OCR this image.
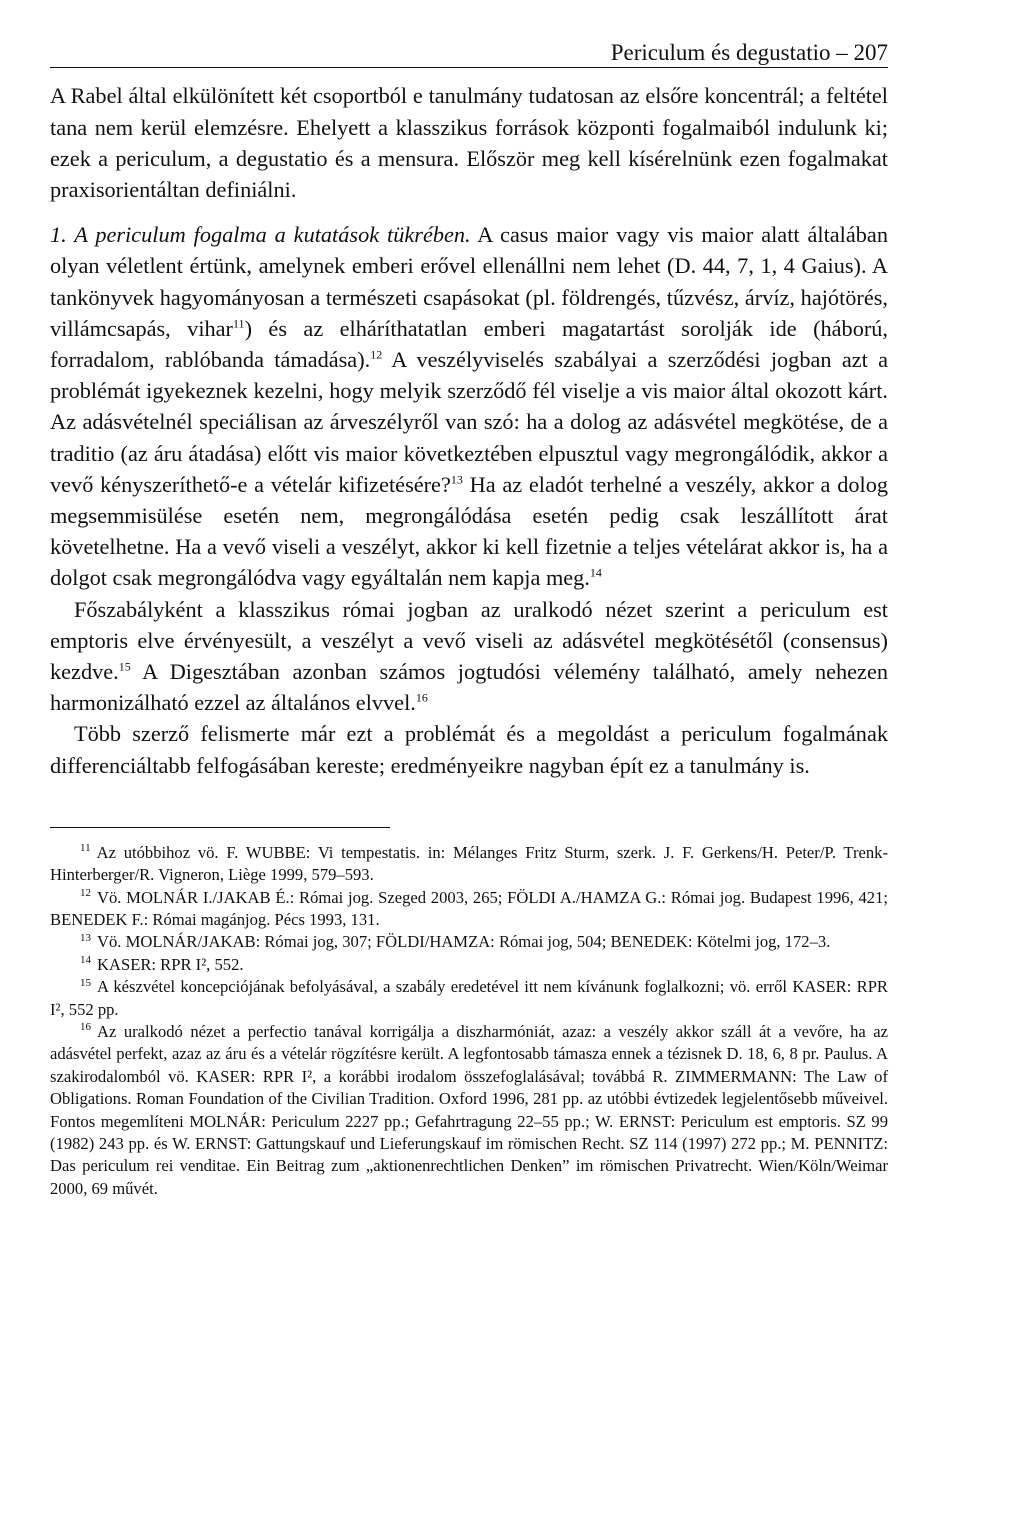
Periculum és degustatio – 207

A Rabel által elkülönített két csoportból e tanulmány tudatosan az elsőre koncentrál; a feltétel tana nem kerül elemzésre. Ehelyett a klasszikus források központi fogalmaiból indulunk ki; ezek a periculum, a degustatio és a mensura. Először meg kell kísérelnünk ezen fogalmakat praxisorientáltan definiálni.

1. A periculum fogalma a kutatások tükrében. A casus maior vagy vis maior alatt általában olyan véletlent értünk, amelynek emberi erővel ellenállni nem lehet (D. 44, 7, 1, 4 Gaius). A tankönyvek hagyományosan a természeti csapásokat (pl. földrengés, tűzvész, árvíz, hajótörés, villámcsapás, vihar$^{11}$) és az elháríthatatlan emberi magatartást sorolják ide (háború, forradalom, rablóbanda támadása).$^{12}$ A veszélyviselés szabályai a szerződési jogban azt a problémát igyekeznek kezelni, hogy melyik szerződő fél viselje a vis maior által okozott kárt. Az adásvételnél speciálisan az árveszélyről van szó: ha a dolog az adásvétel megkötése, de a traditio (az áru átadása) előtt vis maior következtében elpusztul vagy megrongálódik, akkor a vevő kényszeríthető-e a vételár kifizetésére?$^{13}$ Ha az eladót terhelné a veszély, akkor a dolog megsemmisülése esetén nem, megrongálódása esetén pedig csak leszállított árat követelhetne. Ha a vevő viseli a veszélyt, akkor ki kell fizetnie a teljes vételárat akkor is, ha a dolgot csak megrongálódva vagy egyáltalán nem kapja meg.$^{14}$

Főszabályként a klasszikus római jogban az uralkodó nézet szerint a periculum est emptoris elve érvényesült, a veszélyt a vevő viseli az adásvétel megkötésétől (consensus) kezdve.$^{15}$ A Digesztában azonban számos jogtudósi vélemény található, amely nehezen harmonizálható ezzel az általános elvvel.$^{16}$

Több szerző felismerte már ezt a problémát és a megoldást a periculum fogalmának differenciáltabb felfogásában kereste; eredményeikre nagyban épít ez a tanulmány is.

$^{11}$ Az utóbbihoz vö. F. WUBBE: Vi tempestatis. in: Mélanges Fritz Sturm, szerk. J. F. Gerkens/H. Peter/P. Trenk-Hinterberger/R. Vigneron, Liège 1999, 579–593.

$^{12}$ Vö. MOLNÁR I./JAKAB É.: Római jog. Szeged 2003, 265; FÖLDI A./HAMZA G.: Római jog. Budapest 1996, 421; BENEDEK F.: Római magánjog. Pécs 1993, 131.

$^{13}$ Vö. MOLNÁR/JAKAB: Római jog, 307; FÖLDI/HAMZA: Római jog, 504; BENEDEK: Kötelmi jog, 172–3.

$^{14}$ KASER: RPR I², 552.

$^{15}$ A készvétel koncepciójának befolyásával, a szabály eredetével itt nem kívánunk foglalkozni; vö. erről KASER: RPR I², 552 pp.

$^{16}$ Az uralkodó nézet a perfectio tanával korrigálja a diszharmóniát, azaz: a veszély akkor száll át a vevőre, ha az adásvétel perfekt, azaz az áru és a vételár rögzítésre került. A legfontosabb támasza ennek a tézisnek D. 18, 6, 8 pr. Paulus. A szakirodalomból vö. KASER: RPR I², a korábbi irodalom összefoglalásával; továbbá R. ZIMMERMANN: The Law of Obligations. Roman Foundation of the Civilian Tradition. Oxford 1996, 281 pp. az utóbbi évtizedek legjelentősebb műveivel. Fontos megemlíteni MOLNÁR: Periculum 2227 pp.; Gefahrtragung 22–55 pp.; W. ERNST: Periculum est emptoris. SZ 99 (1982) 243 pp. és W. ERNST: Gattungskauf und Lieferungskauf im römischen Recht. SZ 114 (1997) 272 pp.; M. PENNITZ: Das periculum rei venditae. Ein Beitrag zum „aktionenrechtlichen Denken” im römischen Privatrecht. Wien/Köln/Weimar 2000, 69 művét.
